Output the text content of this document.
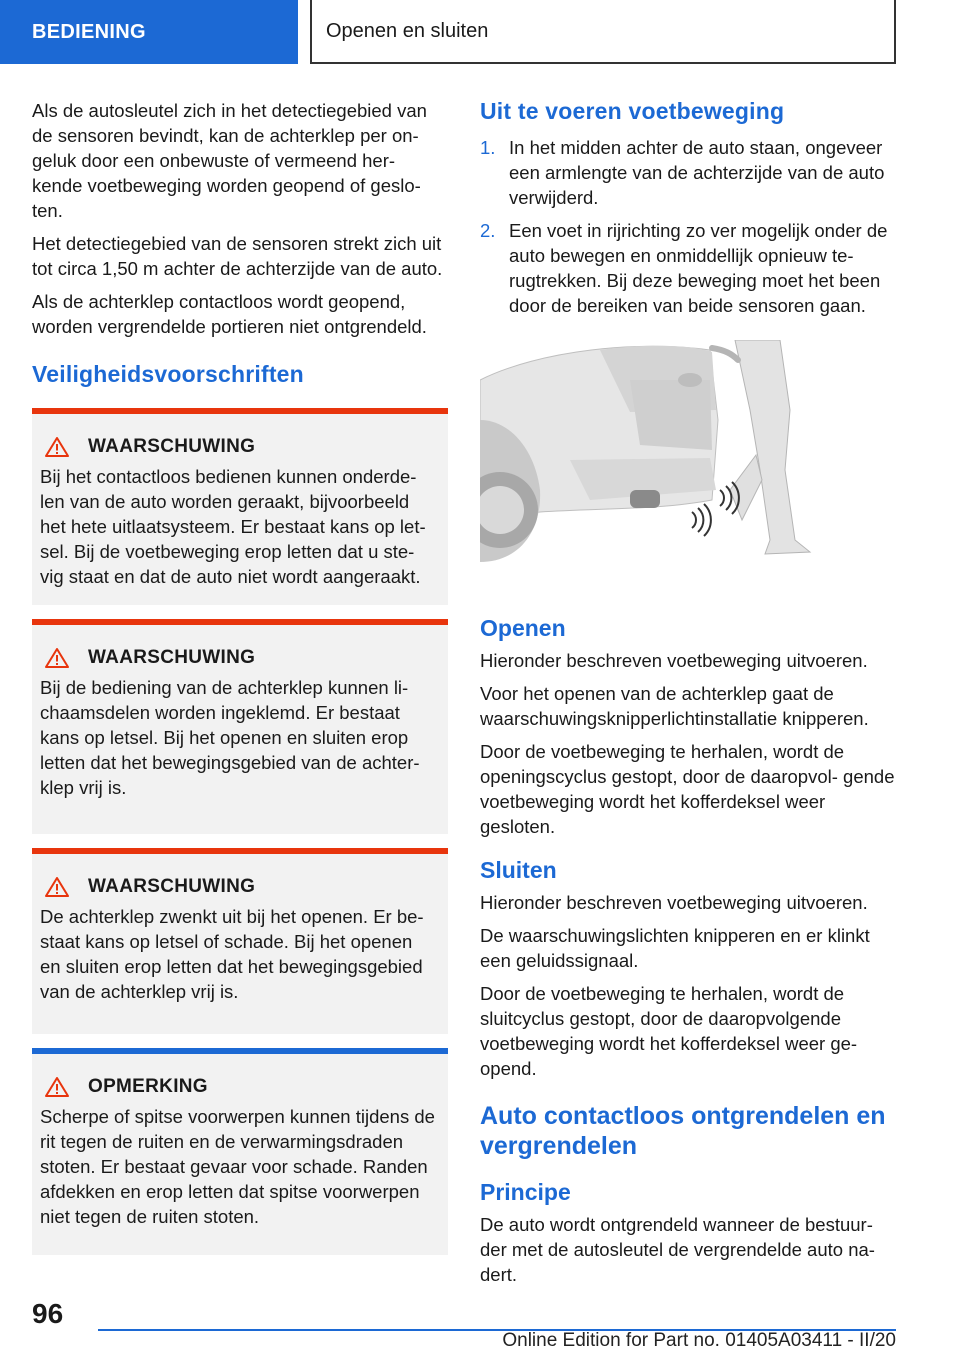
BEDIENING	Openen en sluiten

Als de autosleutel zich in het detectiegebied van de sensoren bevindt, kan de achterklep per on- geluk door een onbewuste of vermeend her- kende voetbeweging worden geopend of geslo- ten.

Het detectiegebied van de sensoren strekt zich uit tot circa 1,50 m achter de achterzijde van de auto.

Als de achterklep contactloos wordt geopend, worden vergrendelde portieren niet ontgrendeld.

Veiligheidsvoorschriften
WAARSCHUWING

Bij het contactloos bedienen kunnen onderde- len van de auto worden geraakt, bijvoorbeeld het hete uitlaatsysteem. Er bestaat kans op let- sel. Bij de voetbeweging erop letten dat u ste- vig staat en dat de auto niet wordt aangeraakt.

WAARSCHUWING

Bij de bediening van de achterklep kunnen li- chaamsdelen worden ingeklemd. Er bestaat kans op letsel. Bij het openen en sluiten erop letten dat het bewegingsgebied van de achter- klep vrij is.

WAARSCHUWING

De achterklep zwenkt uit bij het openen. Er be- staat kans op letsel of schade. Bij het openen en sluiten erop letten dat het bewegingsgebied van de achterklep vrij is.

OPMERKING

Scherpe of spitse voorwerpen kunnen tijdens de rit tegen de ruiten en de verwarmingsdraden stoten. Er bestaat gevaar voor schade. Randen afdekken en erop letten dat spitse voorwerpen niet tegen de ruiten stoten.

Uit te voeren voetbeweging
1. In het midden achter de auto staan, ongeveer een armlengte van de achterzijde van de auto verwijderd.
2. Een voet in rijrichting zo ver mogelijk onder de auto bewegen en onmiddellijk opnieuw te- rugtrekken. Bij deze beweging moet het been door de bereiken van beide sensoren gaan.
Openen

Hieronder beschreven voetbeweging uitvoeren.

Voor het openen van de achterklep gaat de waarschuwingsknipperlichtinstallatie knipperen.

Door de voetbeweging te herhalen, wordt de openingscyclus gestopt, door de daaropvol- gende voetbeweging wordt het kofferdeksel weer gesloten.

Sluiten

Hieronder beschreven voetbeweging uitvoeren.

De waarschuwingslichten knipperen en er klinkt een geluidssignaal.

Door de voetbeweging te herhalen, wordt de sluitcyclus gestopt, door de daaropvolgende voetbeweging wordt het kofferdeksel weer ge- opend.

Auto contactloos ontgrendelen en vergrendelen
Principe

De auto wordt ontgrendeld wanneer de bestuur- der met de autosleutel de vergrendelde auto na- dert.

96
Online Edition for Part no. 01405A03411 - II/20
